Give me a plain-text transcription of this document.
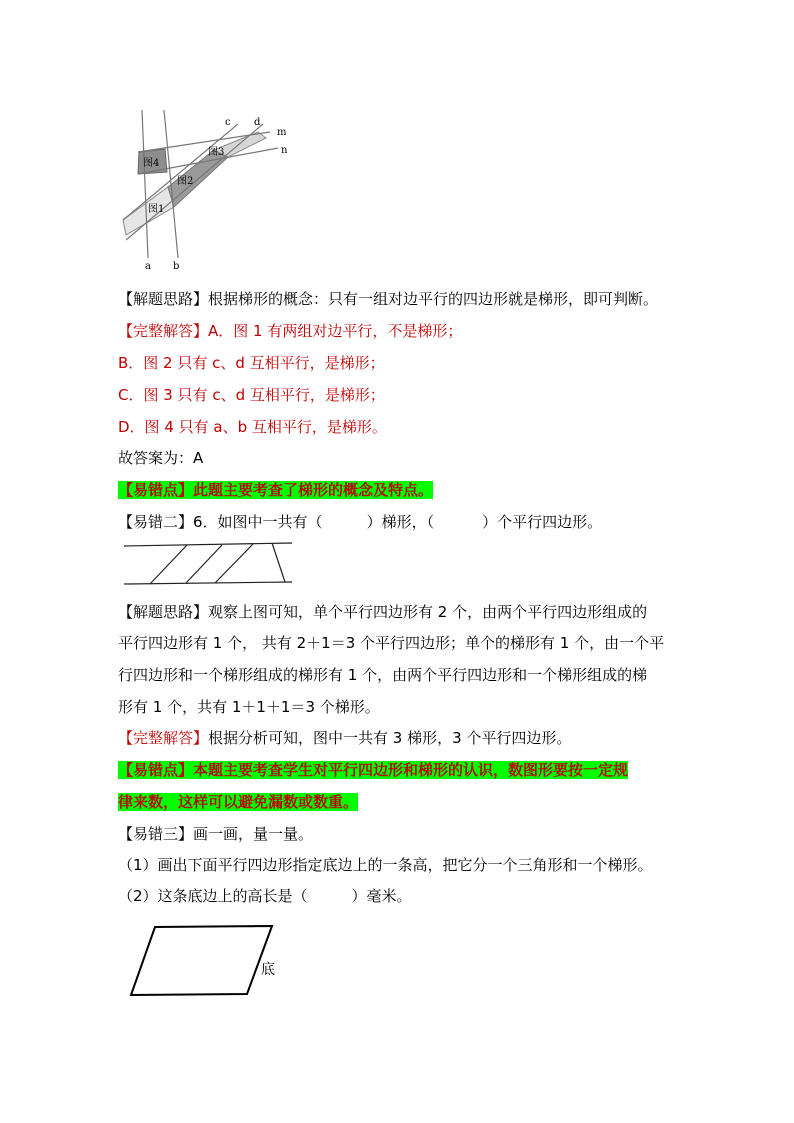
a b
c d
m
n
图1
图2
图3
图4
【解题思路】根据梯形的概念：只有一组对边平行的四边形就是梯形，即可判断。
【完整解答】A．图 1 有两组对边平行，不是梯形；
B．图 2 只有 c、d 互相平行，是梯形；
C．图 3 只有 c、d 互相平行，是梯形；
D．图 4 只有 a、b 互相平行，是梯形。
故答案为：A
【易错点】此题主要考查了梯形的概念及特点。
【易错二】6．如图中一共有（	）梯形，（	）个平行四边形。
【解题思路】观察上图可知，单个平行四边形有 2 个，由两个平行四边形组成的
平行四边形有 1 个， 共有 2＋1＝3 个平行四边形；单个的梯形有 1 个，由一个平
行四边形和一个梯形组成的梯形有 1 个，由两个平行四边形和一个梯形组成的梯
形有 1 个，共有 1＋1＋1＝3 个梯形。
【完整解答】根据分析可知，图中一共有 3 梯形，3 个平行四边形。
【易错点】本题主要考查学生对平行四边形和梯形的认识，数图形要按一定规
律来数，这样可以避免漏数或数重。
【易错三】画一画，量一量。
（1）画出下面平行四边形指定底边上的一条高，把它分一个三角形和一个梯形。
（2）这条底边上的高长是（	）毫米。
底
